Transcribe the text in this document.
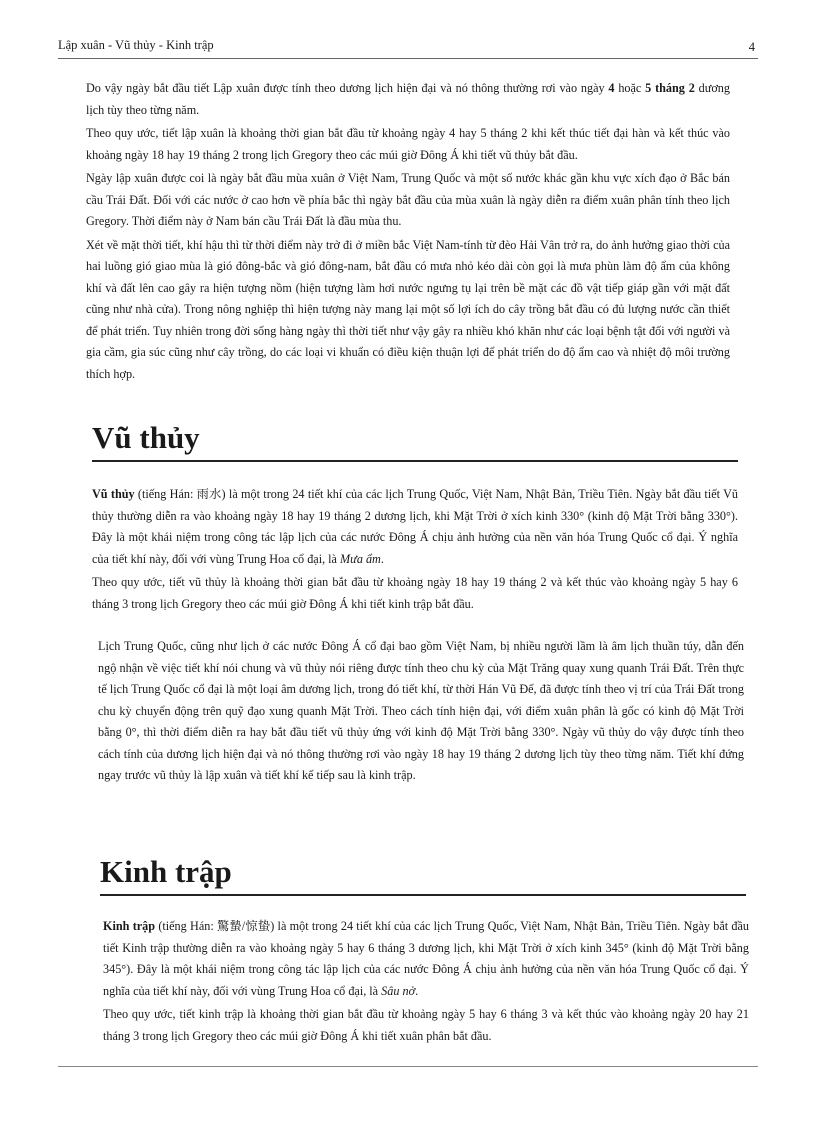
Lập xuân - Vũ thủy - Kinh trập	4

Do vậy ngày bắt đầu tiết Lập xuân được tính theo dương lịch hiện đại và nó thông thường rơi vào ngày 4 hoặc 5 tháng 2 dương lịch tùy theo từng năm.

Theo quy ước, tiết lập xuân là khoảng thời gian bắt đầu từ khoảng ngày 4 hay 5 tháng 2 khi kết thúc tiết đại hàn và kết thúc vào khoảng ngày 18 hay 19 tháng 2 trong lịch Gregory theo các múi giờ Đông Á khi tiết vũ thủy bắt đầu.

Ngày lập xuân được coi là ngày bắt đầu mùa xuân ở Việt Nam, Trung Quốc và một số nước khác gần khu vực xích đạo ở Bắc bán cầu Trái Đất. Đối với các nước ở cao hơn về phía bắc thì ngày bắt đầu của mùa xuân là ngày diễn ra điểm xuân phân tính theo lịch Gregory. Thời điểm này ở Nam bán cầu Trái Đất là đầu mùa thu.

Xét về mặt thời tiết, khí hậu thì từ thời điểm này trở đi ở miền bắc Việt Nam-tính từ đèo Hải Vân trở ra, do ảnh hưởng giao thời của hai luồng gió giao mùa là gió đông-bắc và gió đông-nam, bắt đầu có mưa nhỏ kéo dài còn gọi là mưa phùn làm độ ẩm của không khí và đất lên cao gây ra hiện tượng nồm (hiện tượng làm hơi nước ngưng tụ lại trên bề mặt các đồ vật tiếp giáp gần với mặt đất cũng như nhà cửa). Trong nông nghiệp thì hiện tượng này mang lại một số lợi ích do cây trồng bắt đầu có đủ lượng nước cần thiết để phát triển. Tuy nhiên trong đời sống hàng ngày thì thời tiết như vậy gây ra nhiều khó khăn như các loại bệnh tật đối với người và gia cầm, gia súc cũng như cây trồng, do các loại vi khuẩn có điều kiện thuận lợi để phát triển do độ ẩm cao và nhiệt độ môi trường thích hợp.

Vũ thủy

Vũ thủy (tiếng Hán: 雨水) là một trong 24 tiết khí của các lịch Trung Quốc, Việt Nam, Nhật Bản, Triều Tiên. Ngày bắt đầu tiết Vũ thủy thường diễn ra vào khoảng ngày 18 hay 19 tháng 2 dương lịch, khi Mặt Trời ở xích kinh 330° (kinh độ Mặt Trời bằng 330°). Đây là một khái niệm trong công tác lập lịch của các nước Đông Á chịu ảnh hưởng của nền văn hóa Trung Quốc cổ đại. Ý nghĩa của tiết khí này, đối với vùng Trung Hoa cổ đại, là Mưa ẩm.

Theo quy ước, tiết vũ thủy là khoảng thời gian bắt đầu từ khoảng ngày 18 hay 19 tháng 2 và kết thúc vào khoảng ngày 5 hay 6 tháng 3 trong lịch Gregory theo các múi giờ Đông Á khi tiết kinh trập bắt đầu.

Lịch Trung Quốc, cũng như lịch ở các nước Đông Á cổ đại bao gồm Việt Nam, bị nhiều người lầm là âm lịch thuần túy, dẫn đến ngộ nhận về việc tiết khí nói chung và vũ thủy nói riêng được tính theo chu kỳ của Mặt Trăng quay xung quanh Trái Đất. Trên thực tế lịch Trung Quốc cổ đại là một loại âm dương lịch, trong đó tiết khí, từ thời Hán Vũ Đế, đã được tính theo vị trí của Trái Đất trong chu kỳ chuyển động trên quỹ đạo xung quanh Mặt Trời. Theo cách tính hiện đại, với điểm xuân phân là gốc có kinh độ Mặt Trời bằng 0°, thì thời điểm diễn ra hay bắt đầu tiết vũ thủy ứng với kinh độ Mặt Trời bằng 330°. Ngày vũ thủy do vậy được tính theo cách tính của dương lịch hiện đại và nó thông thường rơi vào ngày 18 hay 19 tháng 2 dương lịch tùy theo từng năm. Tiết khí đứng ngay trước vũ thủy là lập xuân và tiết khí kế tiếp sau là kinh trập.

Kinh trập

Kinh trập (tiếng Hán: 驚蟄/惊蛰) là một trong 24 tiết khí của các lịch Trung Quốc, Việt Nam, Nhật Bản, Triều Tiên. Ngày bắt đầu tiết Kinh trập thường diễn ra vào khoảng ngày 5 hay 6 tháng 3 dương lịch, khi Mặt Trời ở xích kinh 345° (kinh độ Mặt Trời bằng 345°). Đây là một khái niệm trong công tác lập lịch của các nước Đông Á chịu ảnh hưởng của nền văn hóa Trung Quốc cổ đại. Ý nghĩa của tiết khí này, đối với vùng Trung Hoa cổ đại, là Sâu nở.

Theo quy ước, tiết kinh trập là khoảng thời gian bắt đầu từ khoảng ngày 5 hay 6 tháng 3 và kết thúc vào khoảng ngày 20 hay 21 tháng 3 trong lịch Gregory theo các múi giờ Đông Á khi tiết xuân phân bắt đầu.
